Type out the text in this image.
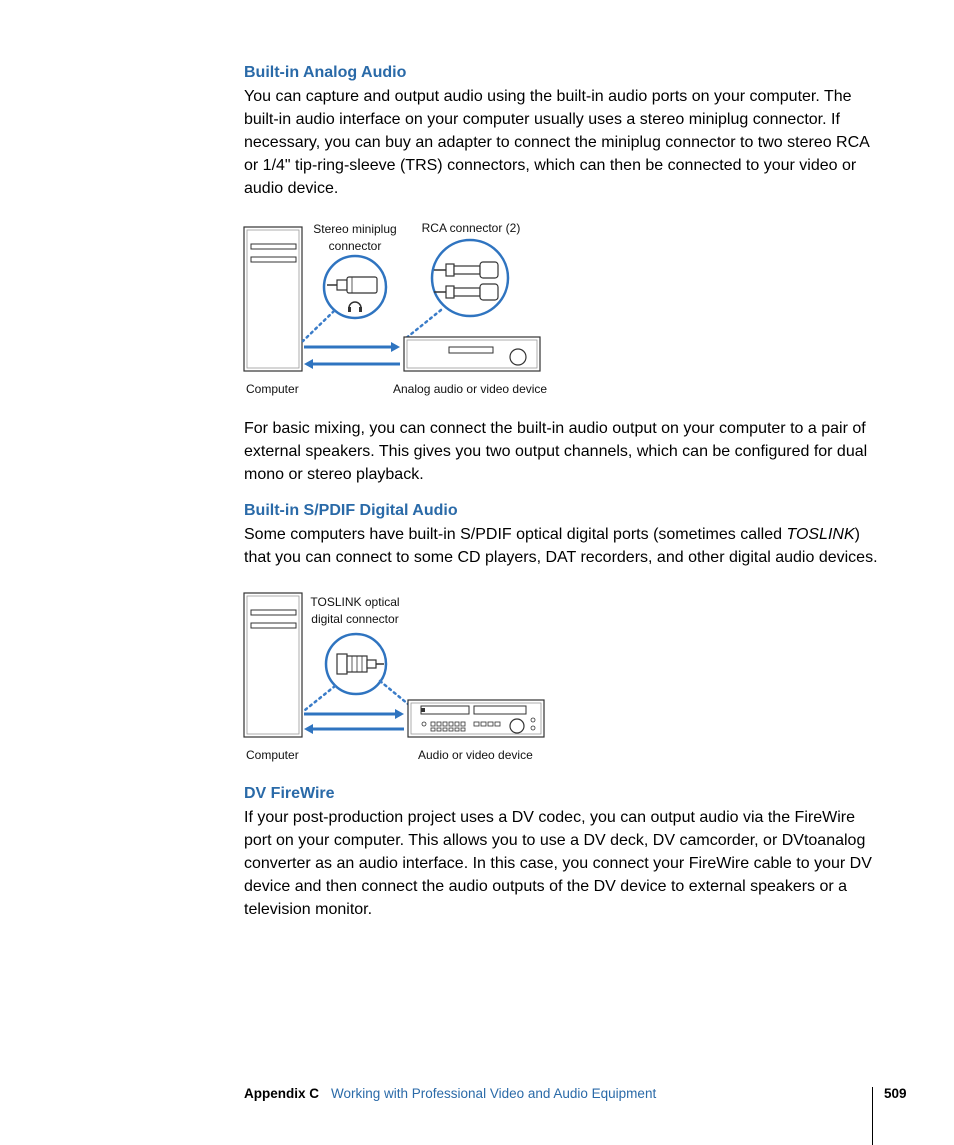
Built-in Analog Audio

You can capture and output audio using the built-in audio ports on your computer. The built-in audio interface on your computer usually uses a stereo miniplug connector. If necessary, you can buy an adapter to connect the miniplug connector to two stereo RCA or 1/4" tip-ring-sleeve (TRS) connectors, which can then be connected to your video or audio device.

Stereo miniplug
connector
RCA connector (2)
Computer	Analog audio or video device

For basic mixing, you can connect the built-in audio output on your computer to a pair of external speakers. This gives you two output channels, which can be configured for dual mono or stereo playback.

Built-in S/PDIF Digital Audio

Some computers have built-in S/PDIF optical digital ports (sometimes called TOSLINK) that you can connect to some CD players, DAT recorders, and other digital audio devices.

TOSLINK optical
digital connector
Computer	Audio or video device
DV FireWire

If your post-production project uses a DV codec, you can output audio via the FireWire port on your computer. This allows you to use a DV deck, DV camcorder, or DVtoanalog converter as an audio interface. In this case, you connect your FireWire cable to your DV device and then connect the audio outputs of the DV device to external speakers or a television monitor.

Appendix C Working with Professional Video and Audio Equipment	509
